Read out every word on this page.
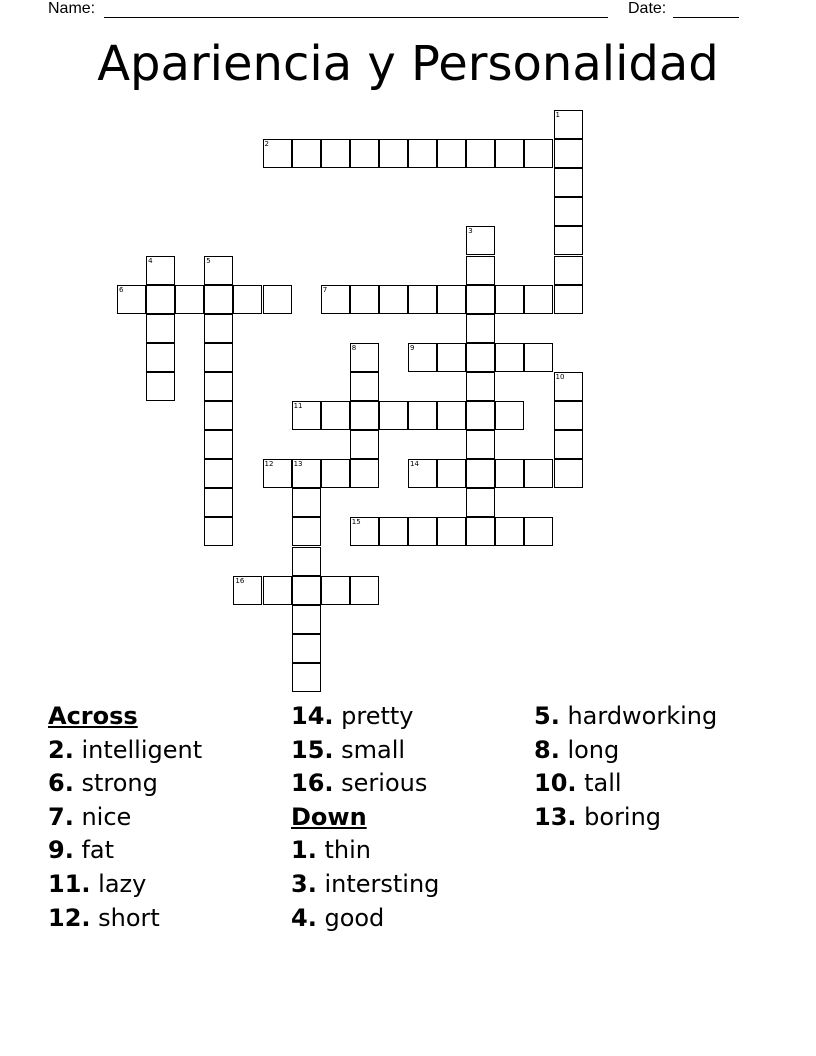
Name:	Date:
Apariencia y Personalidad
1
2
3
4	5
6	7
8	9
10
11
12	13	14
15
16
Across
2. intelligent
6. strong
7. nice
9. fat
11. lazy
12. short
14. pretty
15. small
16. serious
Down
1. thin
3. intersting
4. good
5. hardworking
8. long
10. tall
13. boring
